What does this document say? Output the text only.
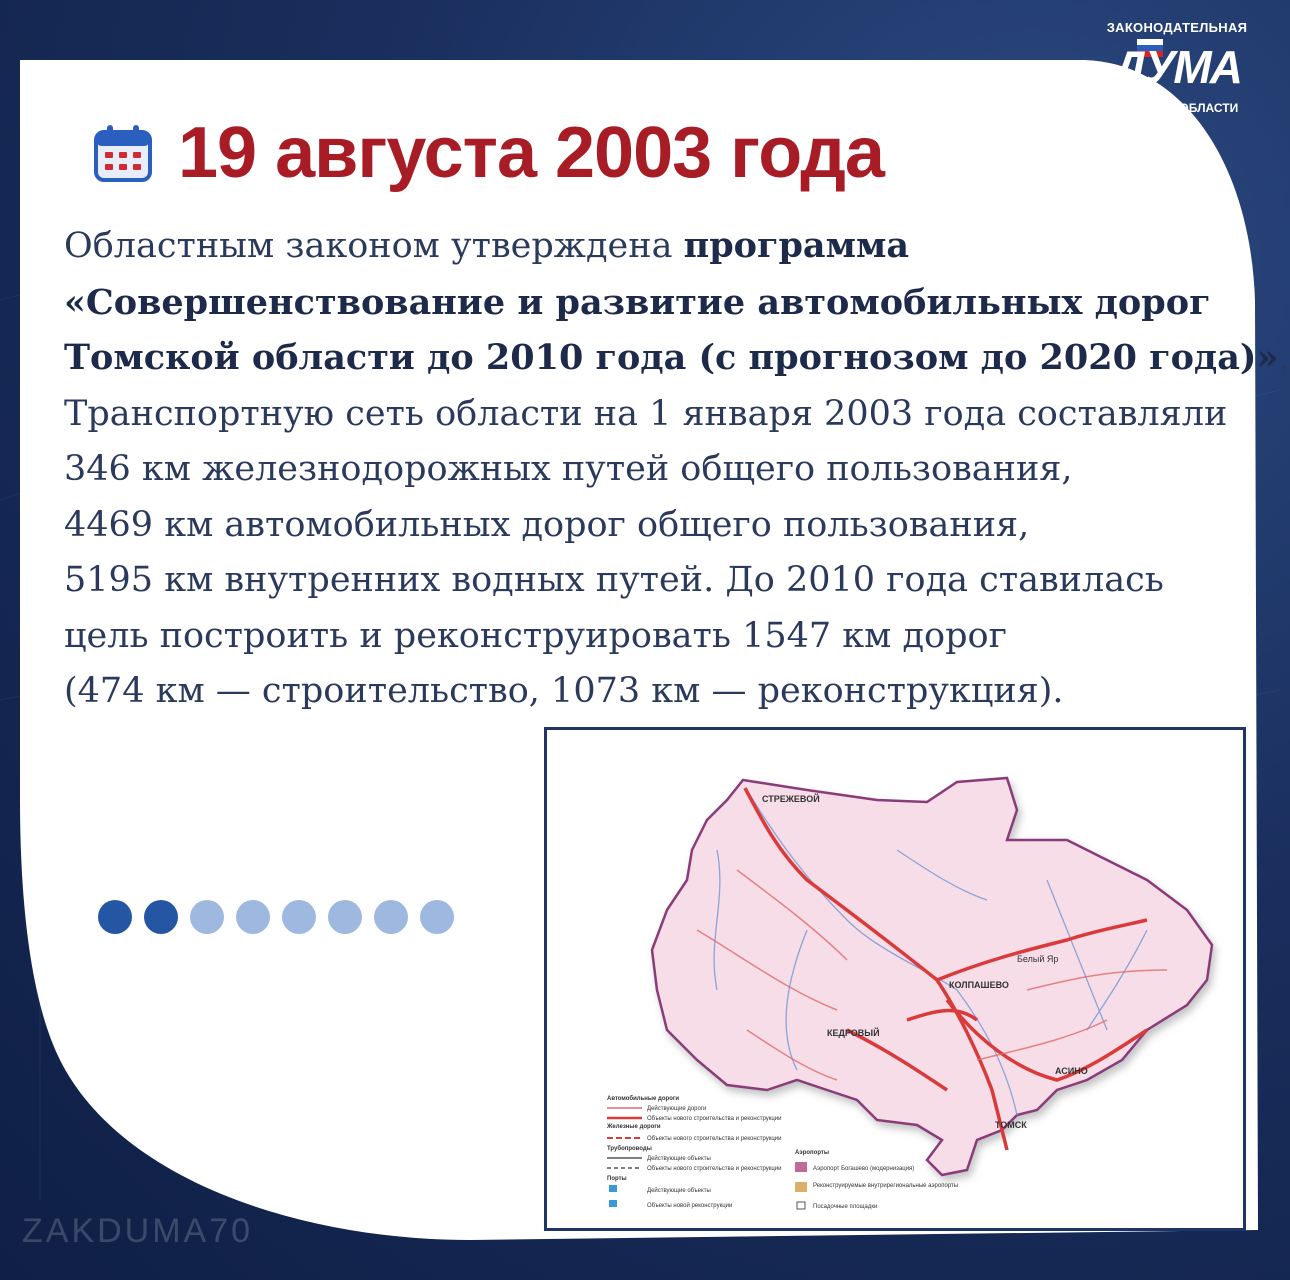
ЗАКОНОДАТЕЛЬНАЯ
ДУМА
ТОМСКОЙ ОБЛАСТИ
19 августа 2003 года
Областным законом утверждена программа
«Совершенствование и развитие автомобильных дорог
Томской области до 2010 года (с прогнозом до 2020 года)».
Транспортную сеть области на 1 января 2003 года составляли
346 км железнодорожных путей общего пользования,
4469 км автомобильных дорог общего пользования,
5195 км внутренних водных путей. До 2010 года ставилась
цель построить и реконструировать 1547 км дорог
(474 км — строительство, 1073 км — реконструкция).
СТРЕЖЕВОЙ
КОЛПАШЕВО
КЕДРОВЫЙ
АСИНО
ТОМСК
Белый Яр
Автомобильные дороги
Действующие дороги
Объекты нового строительства и реконструкции
Железные дороги
Объекты нового строительства и реконструкции
Трубопроводы
Действующие объекты
Объекты нового строительства и реконструкции
Порты
Действующие объекты
Объекты новой реконструкции
Аэропорты
Аэропорт Богашево (модернизация)
Реконструируемые внутрирегиональные аэропорты
Посадочные площадки
ZAKDUMA70
